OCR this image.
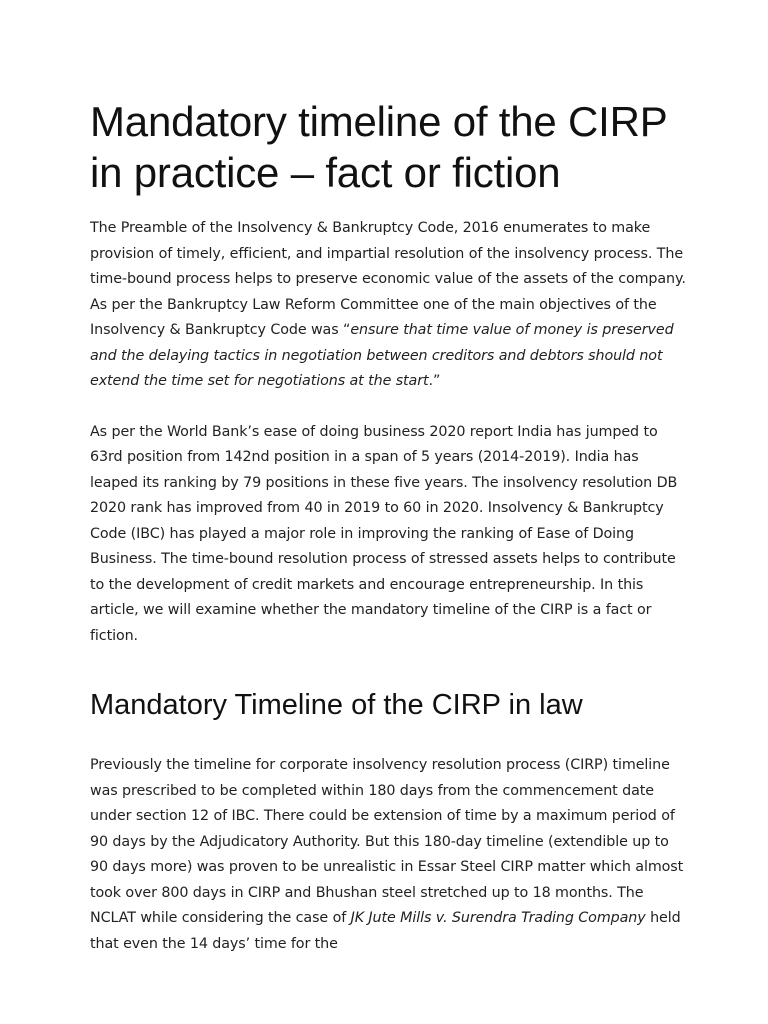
Mandatory timeline of the CIRP in practice – fact or fiction

The Preamble of the Insolvency & Bankruptcy Code, 2016 enumerates to make provision of timely, efficient, and impartial resolution of the insolvency process. The time-bound process helps to preserve economic value of the assets of the company. As per the Bankruptcy Law Reform Committee one of the main objectives of the Insolvency & Bankruptcy Code was “ensure that time value of money is preserved and the delaying tactics in negotiation between creditors and debtors should not extend the time set for negotiations at the start.”

As per the World Bank’s ease of doing business 2020 report India has jumped to 63rd position from 142nd position in a span of 5 years (2014-2019). India has leaped its ranking by 79 positions in these five years. The insolvency resolution DB 2020 rank has improved from 40 in 2019 to 60 in 2020. Insolvency & Bankruptcy Code (IBC) has played a major role in improving the ranking of Ease of Doing Business. The time-bound resolution process of stressed assets helps to contribute to the development of credit markets and encourage entrepreneurship. In this article, we will examine whether the mandatory timeline of the CIRP is a fact or fiction.

Mandatory Timeline of the CIRP in law

Previously the timeline for corporate insolvency resolution process (CIRP) timeline was prescribed to be completed within 180 days from the commencement date under section 12 of IBC. There could be extension of time by a maximum period of 90 days by the Adjudicatory Authority. But this 180-day timeline (extendible up to 90 days more) was proven to be unrealistic in Essar Steel CIRP matter which almost took over 800 days in CIRP and Bhushan steel stretched up to 18 months. The NCLAT while considering the case of JK Jute Mills v. Surendra Trading Company held that even the 14 days’ time for the
